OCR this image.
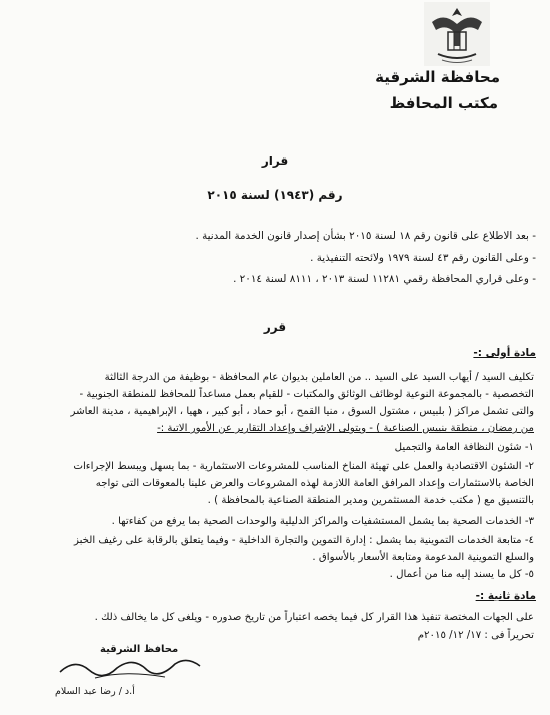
محافظة الشرقية
مكتب المحافظ
قرار
رقم (١٩٤٣) لسنة ٢٠١٥
- بعد الاطلاع على قانون رقم ١٨ لسنة ٢٠١٥ بشأن إصدار قانون الخدمة المدنية .
- وعلى القانون رقم ٤٣ لسنة ١٩٧٩ ولائحته التنفيذية .
- وعلى قراري المحافظة رقمي ١١٢٨١ لسنة ٢٠١٣ ، ٨١١١ لسنة ٢٠١٤ .
قرر
مادة أولى :-
تكليف السيد / أيهاب السيد على السيد .. من العاملين بديوان عام المحافظة - بوظيفة من الدرجة الثالثة
التخصصية - بالمجموعة النوعية لوظائف الوثائق والمكتبات - للقيام بعمل مساعداً للمحافظ للمنطقة الجنوبية -
والتى تشمل مراكز ( بلبيس ، مشتول السوق ، منيا القمح ، أبو حماد ، أبو كبير ، ههيا ، الإبراهيمية ، مدينة العاشر
من رمضان ، منطقة بنييس الصناعية ) - ويتولى الإشراف وإعداد التقارير عن الأمور الاتية :-
١- شئون النظافة العامة والتجميل
٢- الشئون الاقتصادية والعمل على تهيئة المناخ المناسب للمشروعات الاستثمارية - بما يسهل ويبسط الإجراءات
الخاصة بالاستثمارات وإعداد المرافق العامة اللازمة لهذه المشروعات والعرض علينا بالمعوقات التى تواجه
بالتنسيق مع ( مكتب خدمة المستثمرين ومدير المنطقة الصناعية بالمحافظة ) .
٣- الخدمات الصحية بما يشمل المستشفيات والمراكز الدليلية والوحدات الصحية بما يرفع من كفاءتها .
٤- متابعة الخدمات التموينية بما يشمل : إدارة التموين والتجارة الداخلية - وفيما يتعلق بالرقابة على رغيف الخبز
والسلع التموينية المدعومة ومتابعة الأسعار بالأسواق .
٥- كل ما يسند إليه منا من أعمال .
مادة ثانية :-
على الجهات المختصة تنفيذ هذا القرار كل فيما يخصه اعتباراً من تاريخ صدوره - ويلغى كل ما يخالف ذلك .
تحريراً فى : ١٧/ ١٢/ ٢٠١٥م
محافظ الشرقية
أ.د / رضا عبد السلام
